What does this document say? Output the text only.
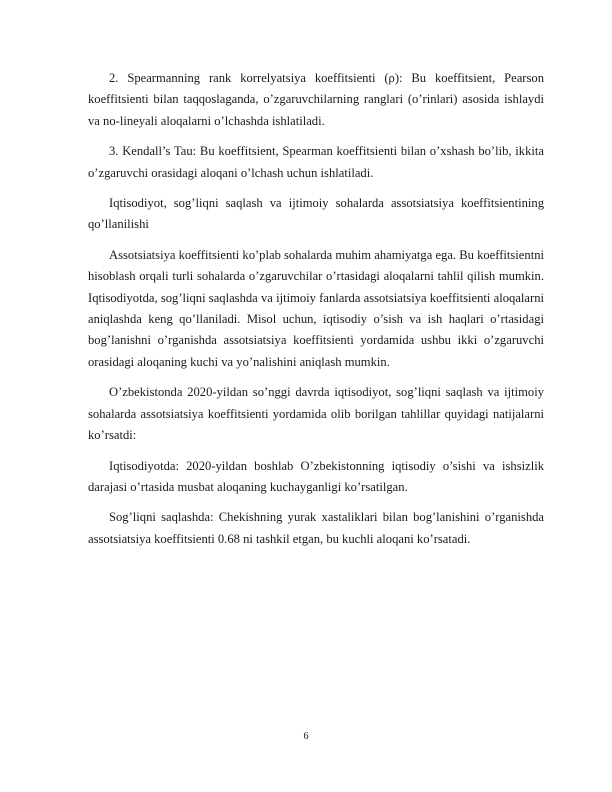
2. Spearmanning rank korrelyatsiya koeffitsienti (ρ): Bu koeffitsient, Pearson koeffitsienti bilan taqqoslaganda, o’zgaruvchilarning ranglari (o’rinlari) asosida ishlaydi va no-lineyali aloqalarni o’lchashda ishlatiladi.

3. Kendall’s Tau: Bu koeffitsient, Spearman koeffitsienti bilan o’xshash bo’lib, ikkita o’zgaruvchi orasidagi aloqani o’lchash uchun ishlatiladi.

Iqtisodiyot, sog’liqni saqlash va ijtimoiy sohalarda assotsiatsiya koeffitsientining qo’llanilishi

Assotsiatsiya koeffitsienti ko’plab sohalarda muhim ahamiyatga ega. Bu koeffitsientni hisoblash orqali turli sohalarda o’zgaruvchilar o’rtasidagi aloqalarni tahlil qilish mumkin. Iqtisodiyotda, sog’liqni saqlashda va ijtimoiy fanlarda assotsiatsiya koeffitsienti aloqalarni aniqlashda keng qo’llaniladi. Misol uchun, iqtisodiy o’sish va ish haqlari o’rtasidagi bog’lanishni o’rganishda assotsiatsiya koeffitsienti yordamida ushbu ikki o’zgaruvchi orasidagi aloqaning kuchi va yo’nalishini aniqlash mumkin.

O’zbekistonda 2020-yildan so’nggi davrda iqtisodiyot, sog’liqni saqlash va ijtimoiy sohalarda assotsiatsiya koeffitsienti yordamida olib borilgan tahlillar quyidagi natijalarni ko’rsatdi:

Iqtisodiyotda: 2020-yildan boshlab O’zbekistonning iqtisodiy o’sishi va ishsizlik darajasi o’rtasida musbat aloqaning kuchayganligi ko’rsatilgan.

Sog’liqni saqlashda: Chekishning yurak xastaliklari bilan bog’lanishini o’rganishda assotsiatsiya koeffitsienti 0.68 ni tashkil etgan, bu kuchli aloqani ko’rsatadi.

6
